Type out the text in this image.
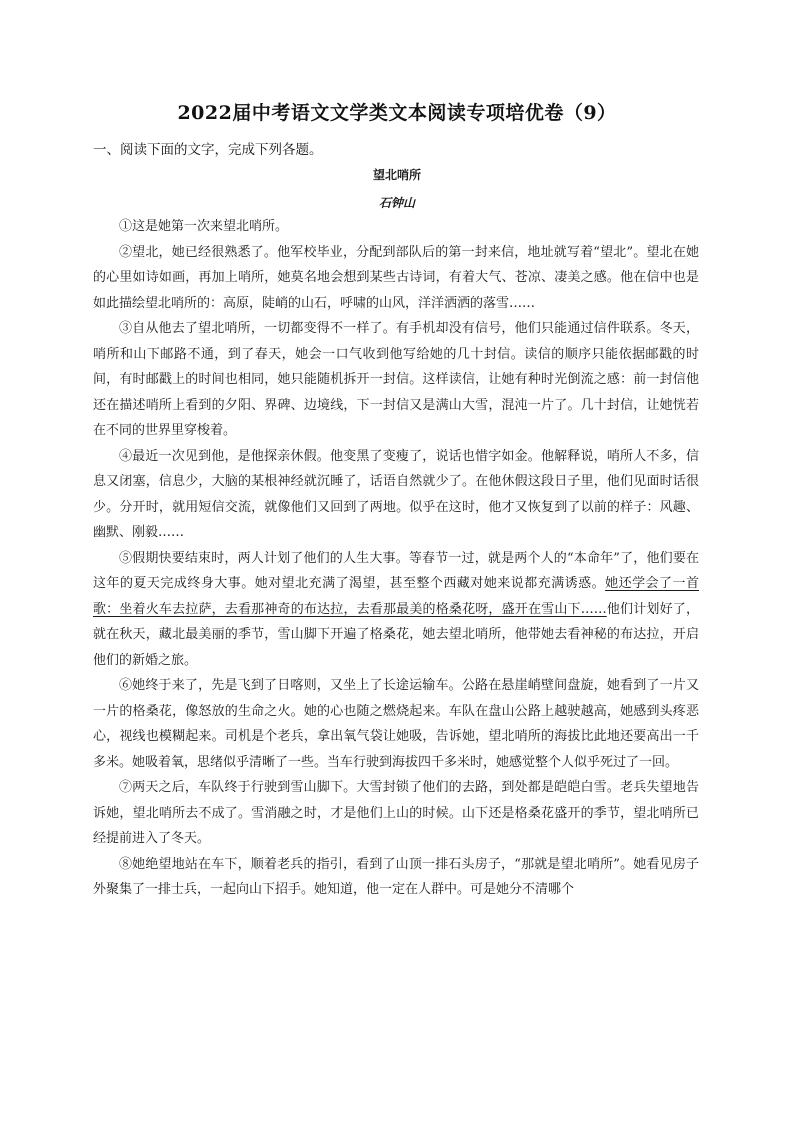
2022届中考语文文学类文本阅读专项培优卷（9）
一、阅读下面的文字，完成下列各题。
望北哨所
石钟山

①这是她第一次来望北哨所。

②望北，她已经很熟悉了。他军校毕业，分配到部队后的第一封来信，地址就写着“望北”。望北在她的心里如诗如画，再加上哨所，她莫名地会想到某些古诗词，有着大气、苍凉、凄美之感。他在信中也是如此描绘望北哨所的：高原，陡峭的山石，呼啸的山风，洋洋洒洒的落雪……

③自从他去了望北哨所，一切都变得不一样了。有手机却没有信号，他们只能通过信件联系。冬天，哨所和山下邮路不通，到了春天，她会一口气收到他写给她的几十封信。读信的顺序只能依据邮戳的时间，有时邮戳上的时间也相同，她只能随机拆开一封信。这样读信，让她有种时光倒流之感：前一封信他还在描述哨所上看到的夕阳、界碑、边境线，下一封信又是满山大雪，混沌一片了。几十封信，让她恍若在不同的世界里穿梭着。

④最近一次见到他，是他探亲休假。他变黑了变瘦了，说话也惜字如金。他解释说，哨所人不多，信息又闭塞，信息少，大脑的某根神经就沉睡了，话语自然就少了。在他休假这段日子里，他们见面时话很少。分开时，就用短信交流，就像他们又回到了两地。似乎在这时，他才又恢复到了以前的样子：风趣、幽默、刚毅……

⑤假期快要结束时，两人计划了他们的人生大事。等春节一过，就是两个人的“本命年”了，他们要在这年的夏天完成终身大事。她对望北充满了渴望，甚至整个西藏对她来说都充满诱惑。她还学会了一首歌：坐着火车去拉萨，去看那神奇的布达拉，去看那最美的格桑花呀，盛开在雪山下……他们计划好了，就在秋天，藏北最美丽的季节，雪山脚下开遍了格桑花，她去望北哨所，他带她去看神秘的布达拉，开启他们的新婚之旅。

⑥她终于来了，先是飞到了日喀则，又坐上了长途运输车。公路在悬崖峭壁间盘旋，她看到了一片又一片的格桑花，像怒放的生命之火。她的心也随之燃烧起来。车队在盘山公路上越驶越高，她感到头疼恶心，视线也模糊起来。司机是个老兵，拿出氧气袋让她吸，告诉她，望北哨所的海拔比此地还要高出一千多米。她吸着氧，思绪似乎清晰了一些。当车行驶到海拔四千多米时，她感觉整个人似乎死过了一回。

⑦两天之后，车队终于行驶到雪山脚下。大雪封锁了他们的去路，到处都是皑皑白雪。老兵失望地告诉她，望北哨所去不成了。雪消融之时，才是他们上山的时候。山下还是格桑花盛开的季节，望北哨所已经提前进入了冬天。

⑧她绝望地站在车下，顺着老兵的指引，看到了山顶一排石头房子，“那就是望北哨所”。她看见房子外聚集了一排士兵，一起向山下招手。她知道，他一定在人群中。可是她分不清哪个
